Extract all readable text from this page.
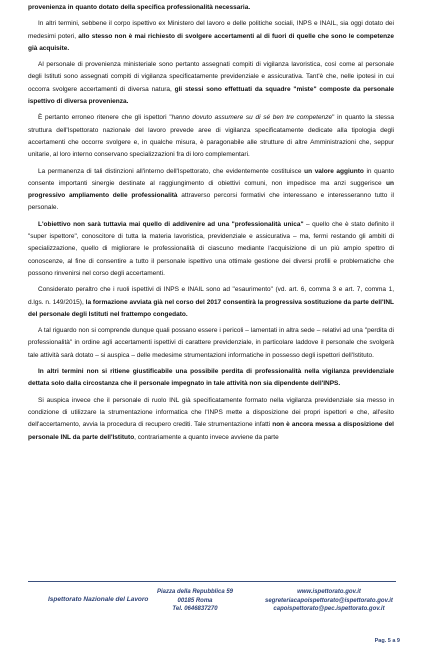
provenienza in quanto dotato della specifica professionalità necessaria.

In altri termini, sebbene il corpo ispettivo ex Ministero del lavoro e delle politiche sociali, INPS e INAIL, sia oggi dotato dei medesimi poteri, allo stesso non è mai richiesto di svolgere accertamenti al di fuori di quelle che sono le competenze già acquisite.

Al personale di provenienza ministeriale sono pertanto assegnati compiti di vigilanza lavoristica, così come al personale degli Istituti sono assegnati compiti di vigilanza specificatamente previdenziale e assicurativa. Tant'è che, nelle ipotesi in cui occorra svolgere accertamenti di diversa natura, gli stessi sono effettuati da squadre "miste" composte da personale ispettivo di diversa provenienza.

È pertanto erroneo ritenere che gli ispettori "hanno dovuto assumere su di sé ben tre competenze" in quanto la stessa struttura dell'Ispettorato nazionale del lavoro prevede aree di vigilanza specificatamente dedicate alla tipologia degli accertamenti che occorre svolgere e, in qualche misura, è paragonabile alle strutture di altre Amministrazioni che, seppur unitarie, al loro interno conservano specializzazioni fra di loro complementari.

La permanenza di tali distinzioni all'interno dell'Ispettorato, che evidentemente costituisce un valore aggiunto in quanto consente importanti sinergie destinate al raggiungimento di obiettivi comuni, non impedisce ma anzi suggerisce un progressivo ampliamento delle professionalità attraverso percorsi formativi che interessano e interesseranno tutto il personale.

L'obiettivo non sarà tuttavia mai quello di addivenire ad una "professionalità unica" – quello che è stato definito il "super ispettore", conoscitore di tutta la materia lavoristica, previdenziale e assicurativa – ma, fermi restando gli ambiti di specializzazione, quello di migliorare le professionalità di ciascuno mediante l'acquisizione di un più ampio spettro di conoscenze, al fine di consentire a tutto il personale ispettivo una ottimale gestione dei diversi profili e problematiche che possono rinvenirsi nel corso degli accertamenti.

Considerato peraltro che i ruoli ispettivi di INPS e INAIL sono ad "esaurimento" (vd. art. 6, comma 3 e art. 7, comma 1, d.lgs. n. 149/2015), la formazione avviata già nel corso del 2017 consentirà la progressiva sostituzione da parte dell'INL del personale degli Istituti nel frattempo congedato.

A tal riguardo non si comprende dunque quali possano essere i pericoli – lamentati in altra sede – relativi ad una "perdita di professionalità" in ordine agli accertamenti ispettivi di carattere previdenziale, in particolare laddove il personale che svolgerà tale attività sarà dotato – si auspica – delle medesime strumentazioni informatiche in possesso degli ispettori dell'Istituto.

In altri termini non si ritiene giustificabile una possibile perdita di professionalità nella vigilanza previdenziale dettata solo dalla circostanza che il personale impegnato in tale attività non sia dipendente dell'INPS.

Si auspica invece che il personale di ruolo INL già specificatamente formato nella vigilanza previdenziale sia messo in condizione di utilizzare la strumentazione informatica che l'INPS mette a disposizione dei propri ispettori e che, all'esito dell'accertamento, avvia la procedura di recupero crediti. Tale strumentazione infatti non è ancora messa a disposizione del personale INL da parte dell'Istituto, contrariamente a quanto invece avviene da parte

Ispettorato Nazionale del Lavoro
Piazza della Repubblica 59
00185 Roma
Tel. 0646837270
www.ispettorato.gov.it
segreteriacapoispettorato@ispettorato.gov.it
capoispettorato@pec.ispettorato.gov.it
Pag. 5 a 9
